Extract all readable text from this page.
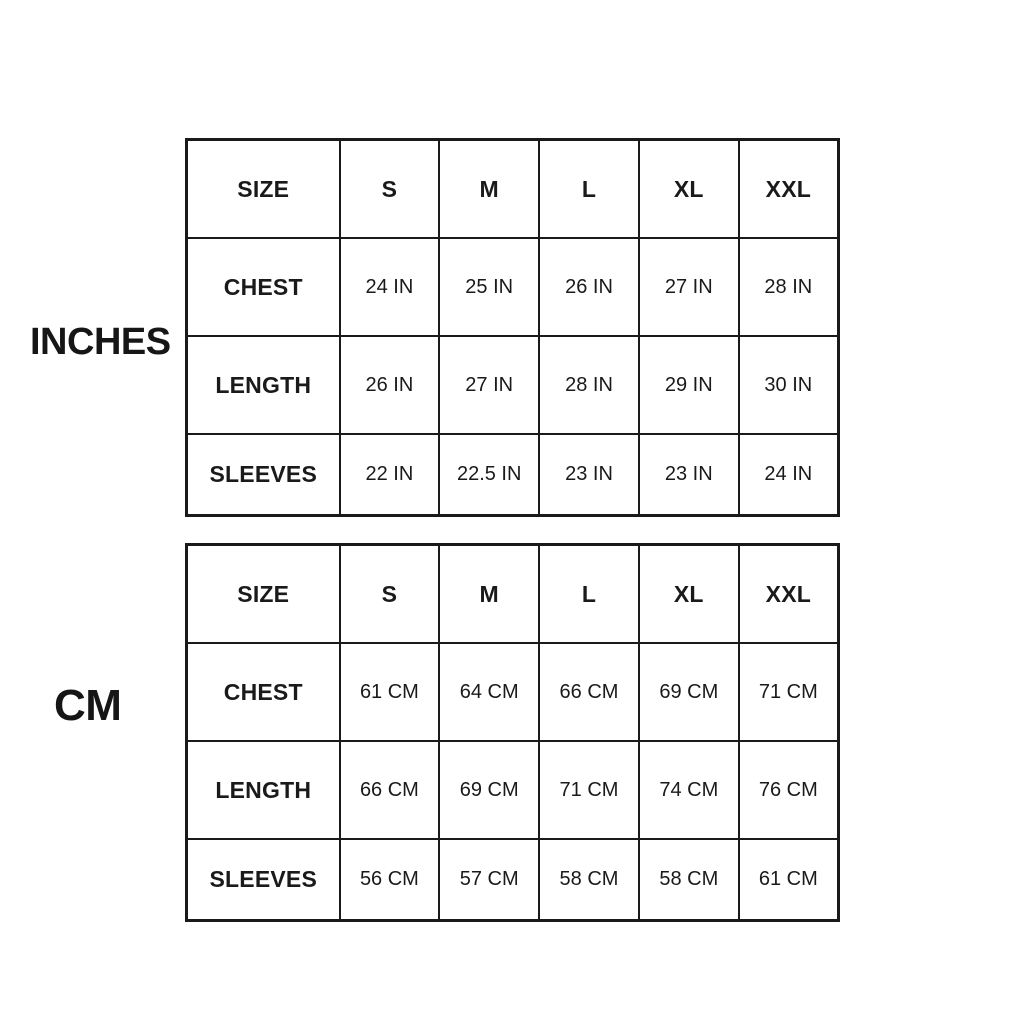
INCHES
SIZE	S	M	L	XL	XXL
CHEST	24 IN	25 IN	26 IN	27 IN	28 IN
LENGTH	26 IN	27 IN	28 IN	29 IN	30 IN
SLEEVES	22 IN	22.5 IN	23 IN	23 IN	24 IN
CM
SIZE	S	M	L	XL	XXL
CHEST	61 CM	64 CM	66 CM	69 CM	71 CM
LENGTH	66 CM	69 CM	71 CM	74 CM	76 CM
SLEEVES	56 CM	57 CM	58 CM	58 CM	61 CM
